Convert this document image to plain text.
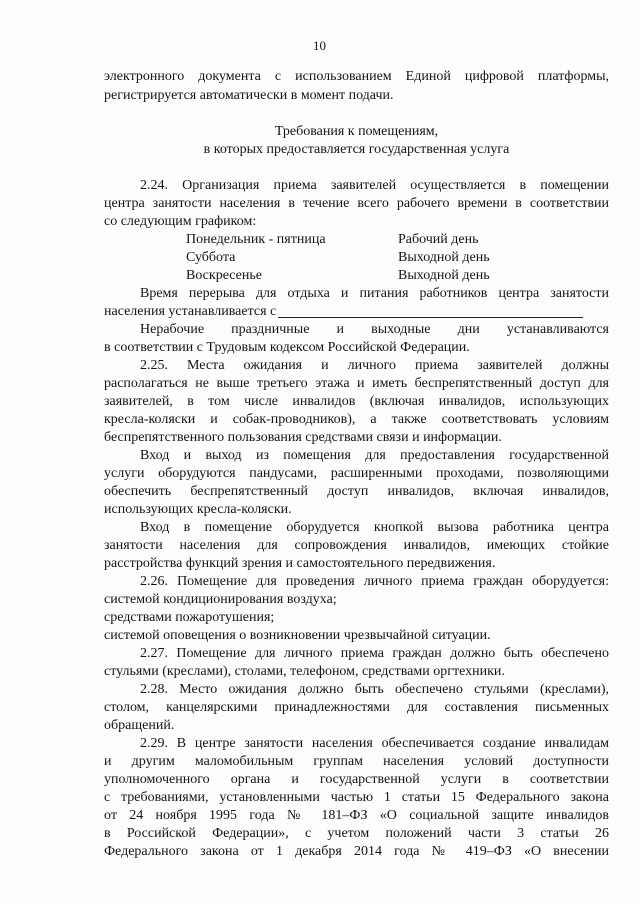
10
электронного документа с использованием Единой цифровой платформы,
регистрируется автоматически в момент подачи.
Требования к помещениям,
в которых предоставляется государственная услуга
2.24. Организация приема заявителей осуществляется в помещении
центра занятости населения в течение всего рабочего времени в соответствии
со следующим графиком:
Понедельник - пятница	Рабочий день
Суббота	Выходной день
Воскресенье	Выходной день
Время перерыва для отдыха и питания работников центра занятости
населения устанавливается с
Нерабочие праздничные и выходные дни устанавливаются
в соответствии с Трудовым кодексом Российской Федерации.
2.25. Места ожидания и личного приема заявителей должны
располагаться не выше третьего этажа и иметь беспрепятственный доступ для
заявителей, в том числе инвалидов (включая инвалидов, использующих
кресла-коляски и собак-проводников), а также соответствовать условиям
беспрепятственного пользования средствами связи и информации.
Вход и выход из помещения для предоставления государственной
услуги оборудуются пандусами, расширенными проходами, позволяющими
обеспечить беспрепятственный доступ инвалидов, включая инвалидов,
использующих кресла-коляски.
Вход в помещение оборудуется кнопкой вызова работника центра
занятости населения для сопровождения инвалидов, имеющих стойкие
расстройства функций зрения и самостоятельного передвижения.
2.26. Помещение для проведения личного приема граждан оборудуется:
системой кондиционирования воздуха;
средствами пожаротушения;
системой оповещения о возникновении чрезвычайной ситуации.
2.27. Помещение для личного приема граждан должно быть обеспечено
стульями (креслами), столами, телефоном, средствами оргтехники.
2.28. Место ожидания должно быть обеспечено стульями (креслами),
столом, канцелярскими принадлежностями для составления письменных
обращений.
2.29. В центре занятости населения обеспечивается создание инвалидам
и другим маломобильным группам населения условий доступности
уполномоченного органа и государственной услуги в соответствии
с требованиями, установленными частью 1 статьи 15 Федерального закона
от 24 ноября 1995 года № 181–ФЗ «О социальной защите инвалидов
в Российской Федерации», с учетом положений части 3 статьи 26
Федерального закона от 1 декабря 2014 года № 419–ФЗ «О внесении
